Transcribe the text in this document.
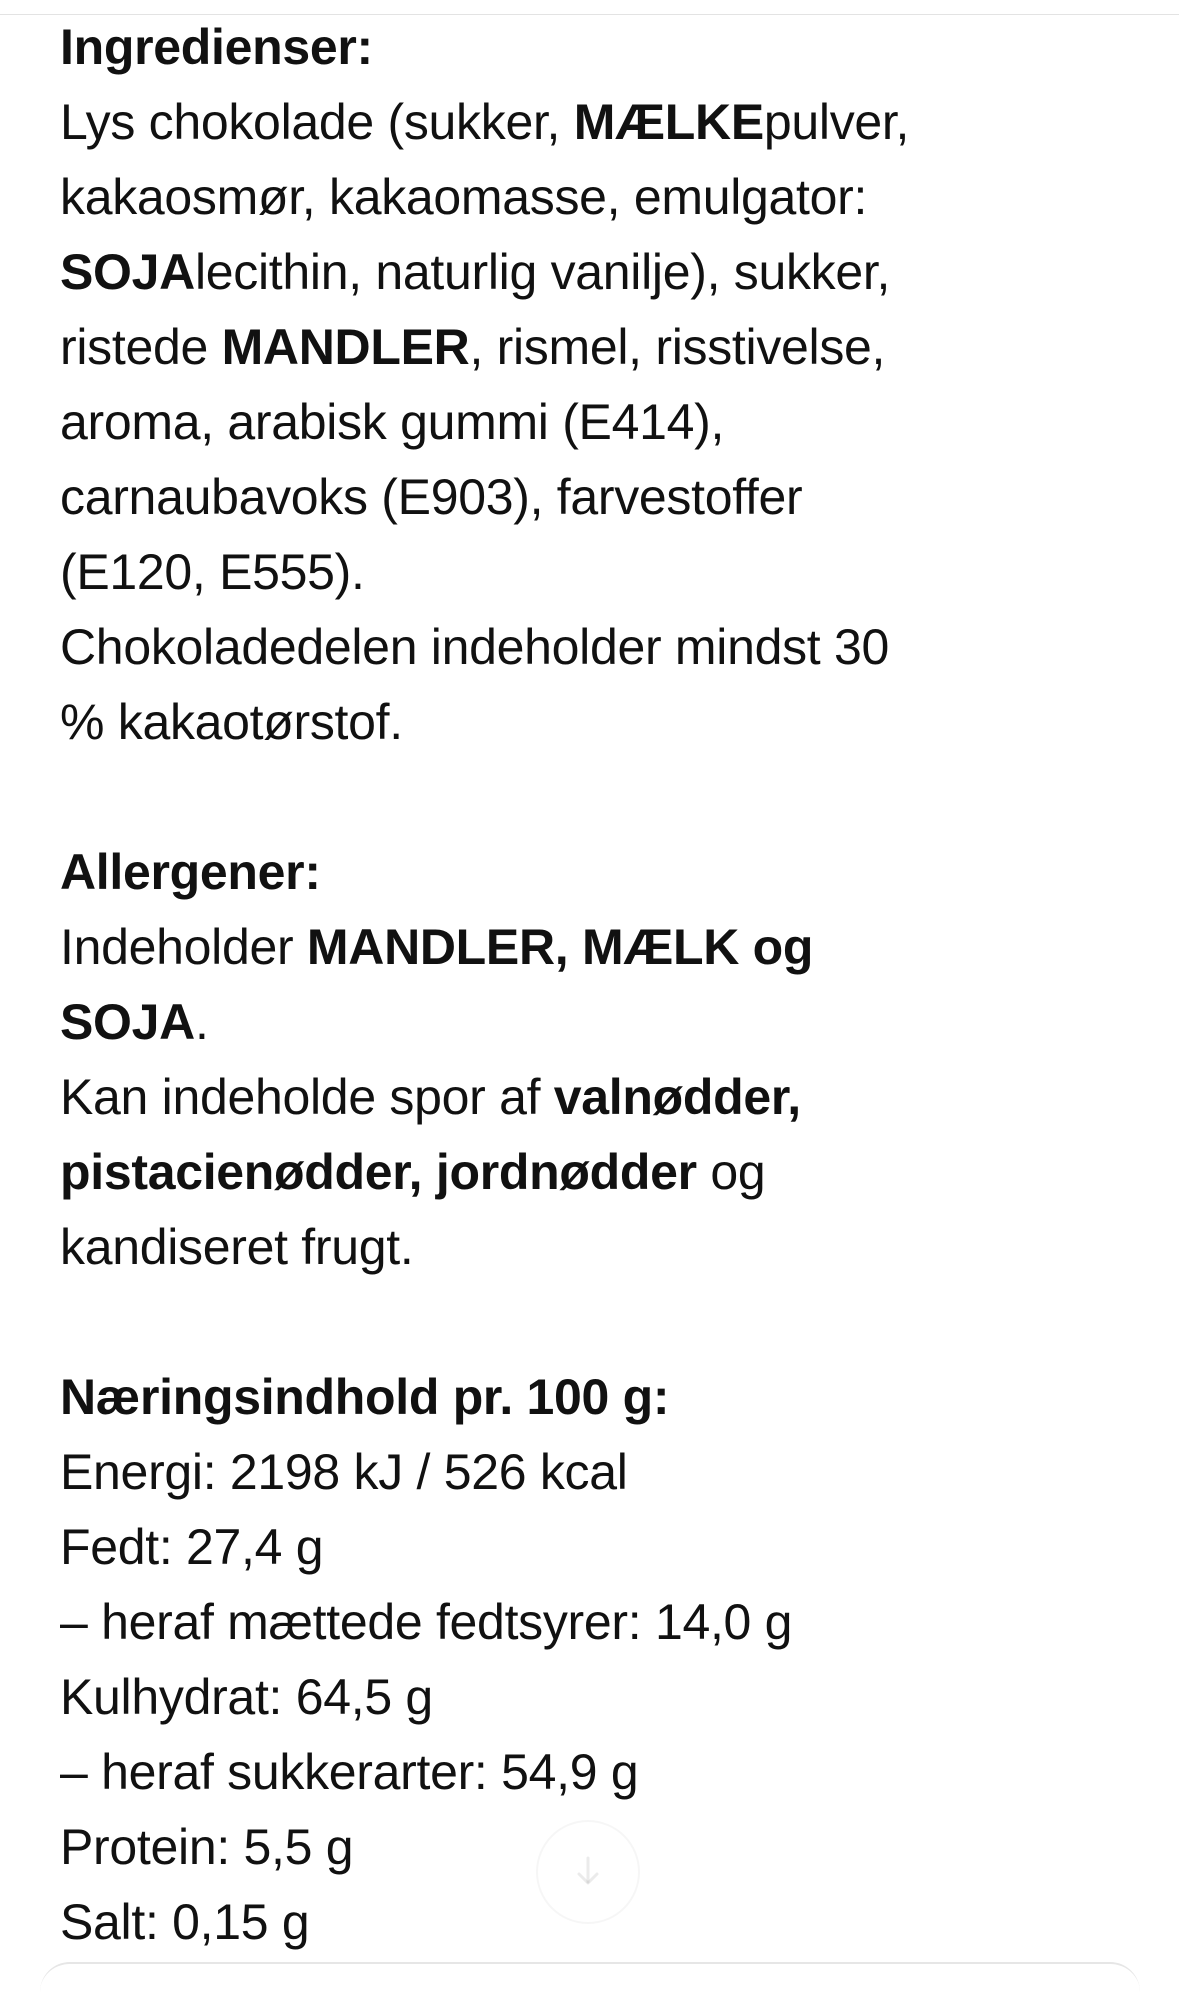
Ingredienser:
Lys chokolade (sukker, MÆLKEpulver,
kakaosmør, kakaomasse, emulgator:
SOJAlecithin, naturlig vanilje), sukker,
ristede MANDLER, rismel, risstivelse,
aroma, arabisk gummi (E414),
carnaubavoks (E903), farvestoffer
(E120, E555).
Chokoladedelen indeholder mindst 30
% kakaotørstof.
Allergener:
Indeholder MANDLER, MÆLK og
SOJA.
Kan indeholde spor af valnødder,
pistacienødder, jordnødder og
kandiseret frugt.
Næringsindhold pr. 100 g:
Energi: 2198 kJ / 526 kcal
Fedt: 27,4 g
– heraf mættede fedtsyrer: 14,0 g
Kulhydrat: 64,5 g
– heraf sukkerarter: 54,9 g
Protein: 5,5 g
Salt: 0,15 g
